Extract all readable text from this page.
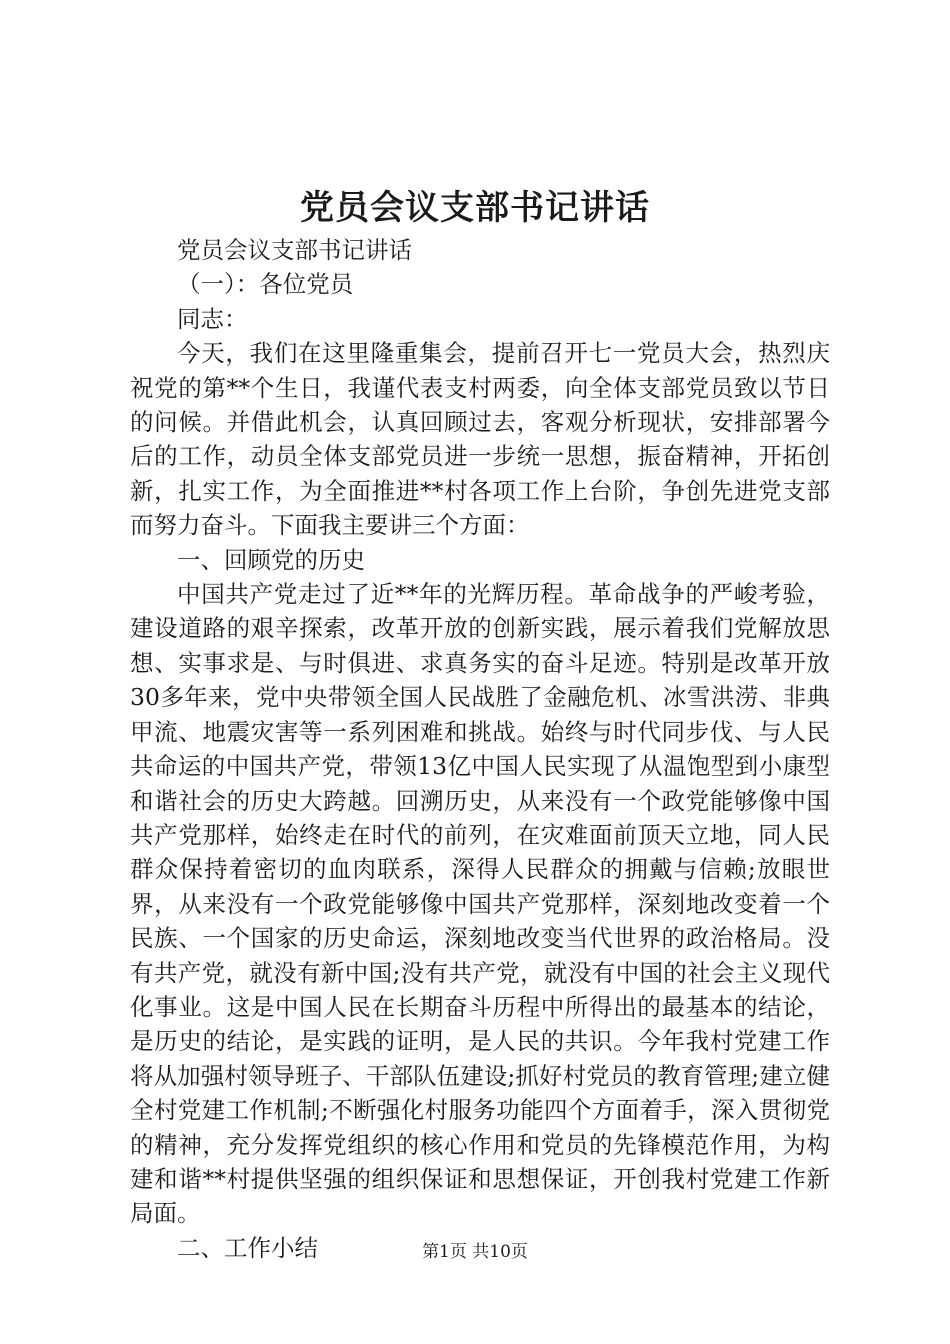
党员会议支部书记讲话

党员会议支部书记讲话

（一）：各位党员

同志：

今天，我们在这里隆重集会，提前召开七一党员大会，热烈庆祝党的第**个生日，我谨代表支村两委，向全体支部党员致以节日的问候。并借此机会，认真回顾过去，客观分析现状，安排部署今后的工作，动员全体支部党员进一步统一思想，振奋精神，开拓创新，扎实工作，为全面推进**村各项工作上台阶，争创先进党支部而努力奋斗。下面我主要讲三个方面：

一、回顾党的历史

中国共产党走过了近**年的光辉历程。革命战争的严峻考验，建设道路的艰辛探索，改革开放的创新实践，展示着我们党解放思想、实事求是、与时俱进、求真务实的奋斗足迹。特别是改革开放30多年来，党中央带领全国人民战胜了金融危机、冰雪洪涝、非典甲流、地震灾害等一系列困难和挑战。始终与时代同步伐、与人民共命运的中国共产党，带领13亿中国人民实现了从温饱型到小康型和谐社会的历史大跨越。回溯历史，从来没有一个政党能够像中国共产党那样，始终走在时代的前列，在灾难面前顶天立地，同人民群众保持着密切的血肉联系，深得人民群众的拥戴与信赖;放眼世界，从来没有一个政党能够像中国共产党那样，深刻地改变着一个民族、一个国家的历史命运，深刻地改变当代世界的政治格局。没有共产党，就没有新中国;没有共产党，就没有中国的社会主义现代化事业。这是中国人民在长期奋斗历程中所得出的最基本的结论，是历史的结论，是实践的证明，是人民的共识。今年我村党建工作将从加强村领导班子、干部队伍建设;抓好村党员的教育管理;建立健全村党建工作机制;不断强化村服务功能四个方面着手，深入贯彻党的精神，充分发挥党组织的核心作用和党员的先锋模范作用，为构建和谐**村提供坚强的组织保证和思想保证，开创我村党建工作新局面。

二、工作小结	第1页 共10页
